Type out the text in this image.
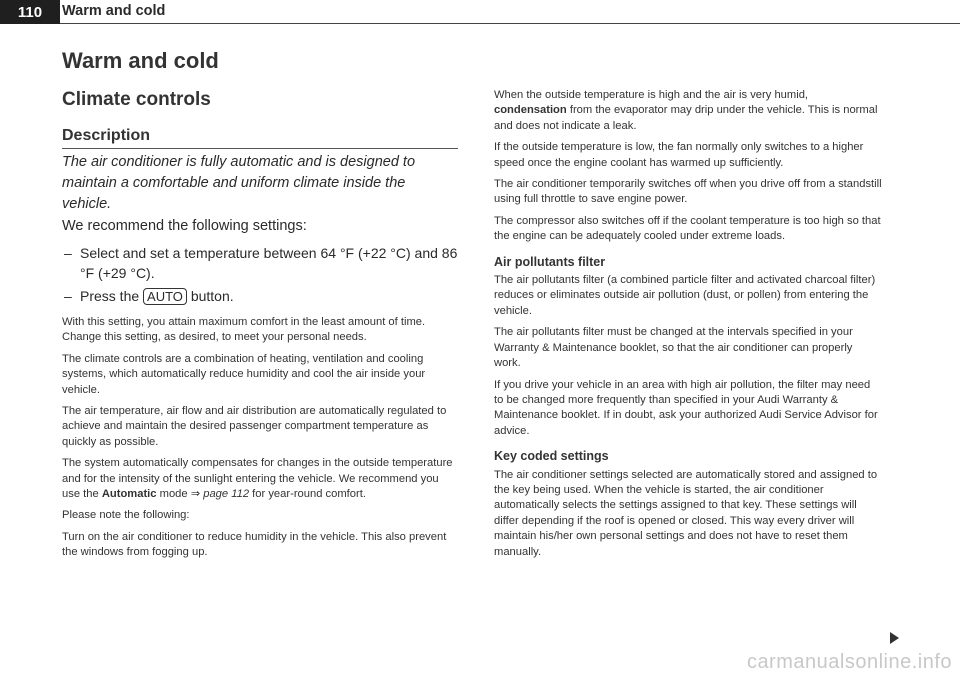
110	Warm and cold
Warm and cold
Climate controls
Description

The air conditioner is fully automatic and is designed to maintain a comfortable and uniform climate inside the vehicle.

We recommend the following settings:

– Select and set a temperature between 64 °F (+22 °C) and 86 °F (+29 °C).
– Press the AUTO button.

With this setting, you attain maximum comfort in the least amount of time. Change this setting, as desired, to meet your personal needs.

The climate controls are a combination of heating, ventilation and cooling systems, which automatically reduce humidity and cool the air inside your vehicle.

The air temperature, air flow and air distribution are automatically regulated to achieve and maintain the desired passenger compartment temperature as quickly as possible.

The system automatically compensates for changes in the outside temperature and for the intensity of the sunlight entering the vehicle. We recommend you use the Automatic mode ⇒ page 112 for year-round comfort.

Please note the following:

Turn on the air conditioner to reduce humidity in the vehicle. This also prevent the windows from fogging up.

When the outside temperature is high and the air is very humid, condensation from the evaporator may drip under the vehicle. This is normal and does not indicate a leak.

If the outside temperature is low, the fan normally only switches to a higher speed once the engine coolant has warmed up sufficiently.

The air conditioner temporarily switches off when you drive off from a standstill using full throttle to save engine power.

The compressor also switches off if the coolant temperature is too high so that the engine can be adequately cooled under extreme loads.

Air pollutants filter

The air pollutants filter (a combined particle filter and activated charcoal filter) reduces or eliminates outside air pollution (dust, or pollen) from entering the vehicle.

The air pollutants filter must be changed at the intervals specified in your Warranty & Maintenance booklet, so that the air conditioner can properly work.

If you drive your vehicle in an area with high air pollution, the filter may need to be changed more frequently than specified in your Audi Warranty & Maintenance booklet. If in doubt, ask your authorized Audi Service Advisor for advice.

Key coded settings

The air conditioner settings selected are automatically stored and assigned to the key being used. When the vehicle is started, the air conditioner automatically selects the settings assigned to that key. These settings will differ depending if the roof is opened or closed. This way every driver will maintain his/her own personal settings and does not have to reset them manually.

carmanualsonline.info
